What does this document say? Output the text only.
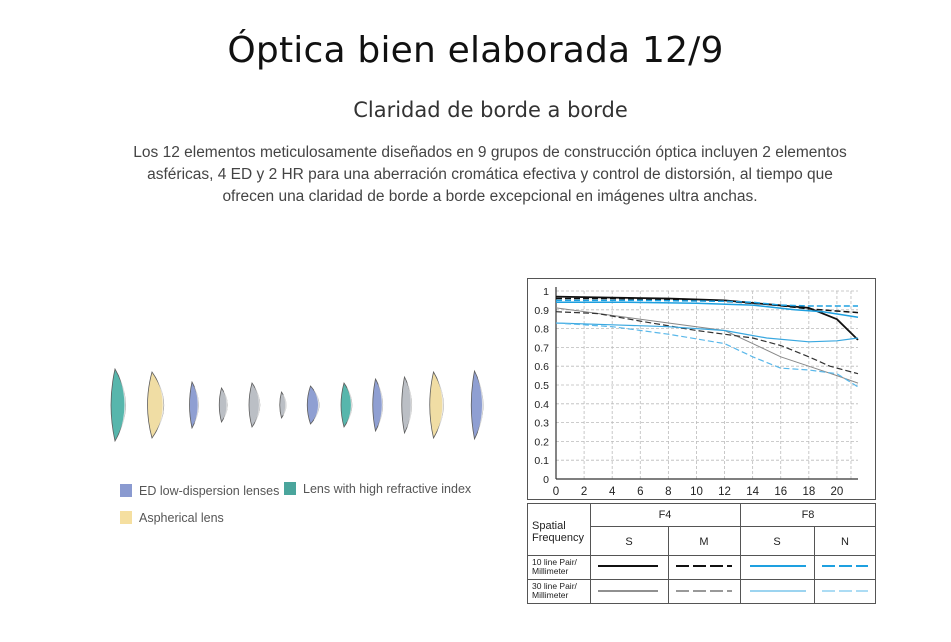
Óptica bien elaborada 12/9
Claridad de borde a borde
Los 12 elementos meticulosamente diseñados en 9 grupos de construcción óptica incluyen 2 elementos
asféricas, 4 ED y 2 HR para una aberración cromática efectiva y control de distorsión, al tiempo que
ofrecen una claridad de borde a borde excepcional en imágenes ultra anchas.
ED low-dispersion lenses	Lens with high refractive index
Aspherical lens
0
0.1
0.2
0.3
0.4
0.5
0.6
0.7
0.8
0.9
1
0 2 4 6 8 10 12 14 16 18 20
Spatial Frequency
F4	F8
S	M	S	N
10 line Pair/ Millimeter
30 line Pair/ Millimeter
